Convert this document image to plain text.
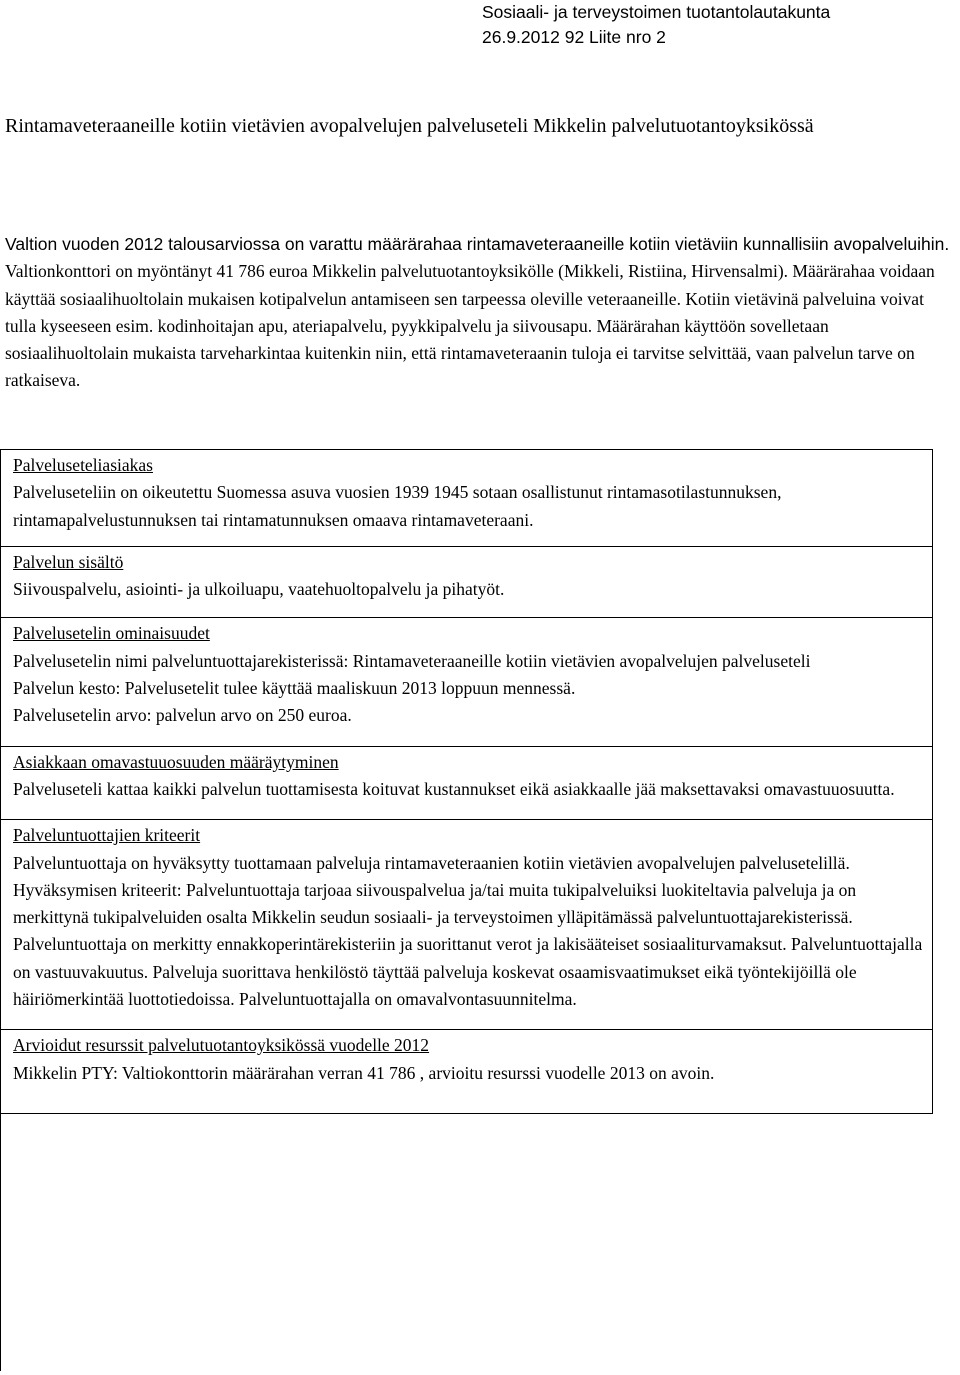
Sosiaali- ja terveystoimen tuotantolautakunta
26.9.2012 92 Liite nro 2
Rintamaveteraaneille kotiin vietävien avopalvelujen palveluseteli Mikkelin palvelutuotantoyksikössä

Valtion vuoden 2012 talousarviossa on varattu määrärahaa rintamaveteraaneille kotiin vietäviin kunnallisiin avopalveluihin. Valtionkonttori on myöntänyt 41 786 euroa Mikkelin palvelutuotantoyksikölle (Mikkeli, Ristiina, Hirvensalmi). Määrärahaa voidaan käyttää sosiaalihuoltolain mukaisen kotipalvelun antamiseen sen tarpeessa oleville veteraaneille. Kotiin vietävinä palveluina voivat tulla kyseeseen esim. kodinhoitajan apu, ateriapalvelu, pyykkipalvelu ja siivousapu. Määrärahan käyttöön sovelletaan sosiaalihuoltolain mukaista tarveharkintaa kuitenkin niin, että rintamaveteraanin tuloja ei tarvitse selvittää, vaan palvelun tarve on ratkaiseva.

Palveluseteliasiakas

Palveluseteliin on oikeutettu Suomessa asuva vuosien 1939 1945 sotaan osallistunut rintamasotilastunnuksen, rintamapalvelustunnuksen tai rintamatunnuksen omaava rintamaveteraani.

Palvelun sisältö

Siivouspalvelu, asiointi- ja ulkoiluapu, vaatehuoltopalvelu ja pihatyöt.

Palvelusetelin ominaisuudet

Palvelusetelin nimi palveluntuottajarekisterissä: Rintamaveteraaneille kotiin vietävien avopalvelujen palveluseteli

Palvelun kesto: Palvelusetelit tulee käyttää maaliskuun 2013 loppuun mennessä.

Palvelusetelin arvo: palvelun arvo on 250 euroa.

Asiakkaan omavastuuosuuden määräytyminen

Palveluseteli kattaa kaikki palvelun tuottamisesta koituvat kustannukset eikä asiakkaalle jää maksettavaksi omavastuuosuutta.

Palveluntuottajien kriteerit

Palveluntuottaja on hyväksytty tuottamaan palveluja rintamaveteraanien kotiin vietävien avopalvelujen palvelusetelillä. Hyväksymisen kriteerit: Palveluntuottaja tarjoaa siivouspalvelua ja/tai muita tukipalveluiksi luokiteltavia palveluja ja on merkittynä tukipalveluiden osalta Mikkelin seudun sosiaali- ja terveystoimen ylläpitämässä palveluntuottajarekisterissä. Palveluntuottaja on merkitty ennakkoperintärekisteriin ja suorittanut verot ja lakisääteiset sosiaaliturvamaksut. Palveluntuottajalla on vastuuvakuutus. Palveluja suorittava henkilöstö täyttää palveluja koskevat osaamisvaatimukset eikä työntekijöillä ole häiriömerkintää luottotiedoissa. Palveluntuottajalla on omavalvontasuunnitelma.

Arvioidut resurssit palvelutuotantoyksikössä vuodelle 2012

Mikkelin PTY: Valtiokonttorin määrärahan verran 41 786 , arvioitu resurssi vuodelle 2013 on avoin.
